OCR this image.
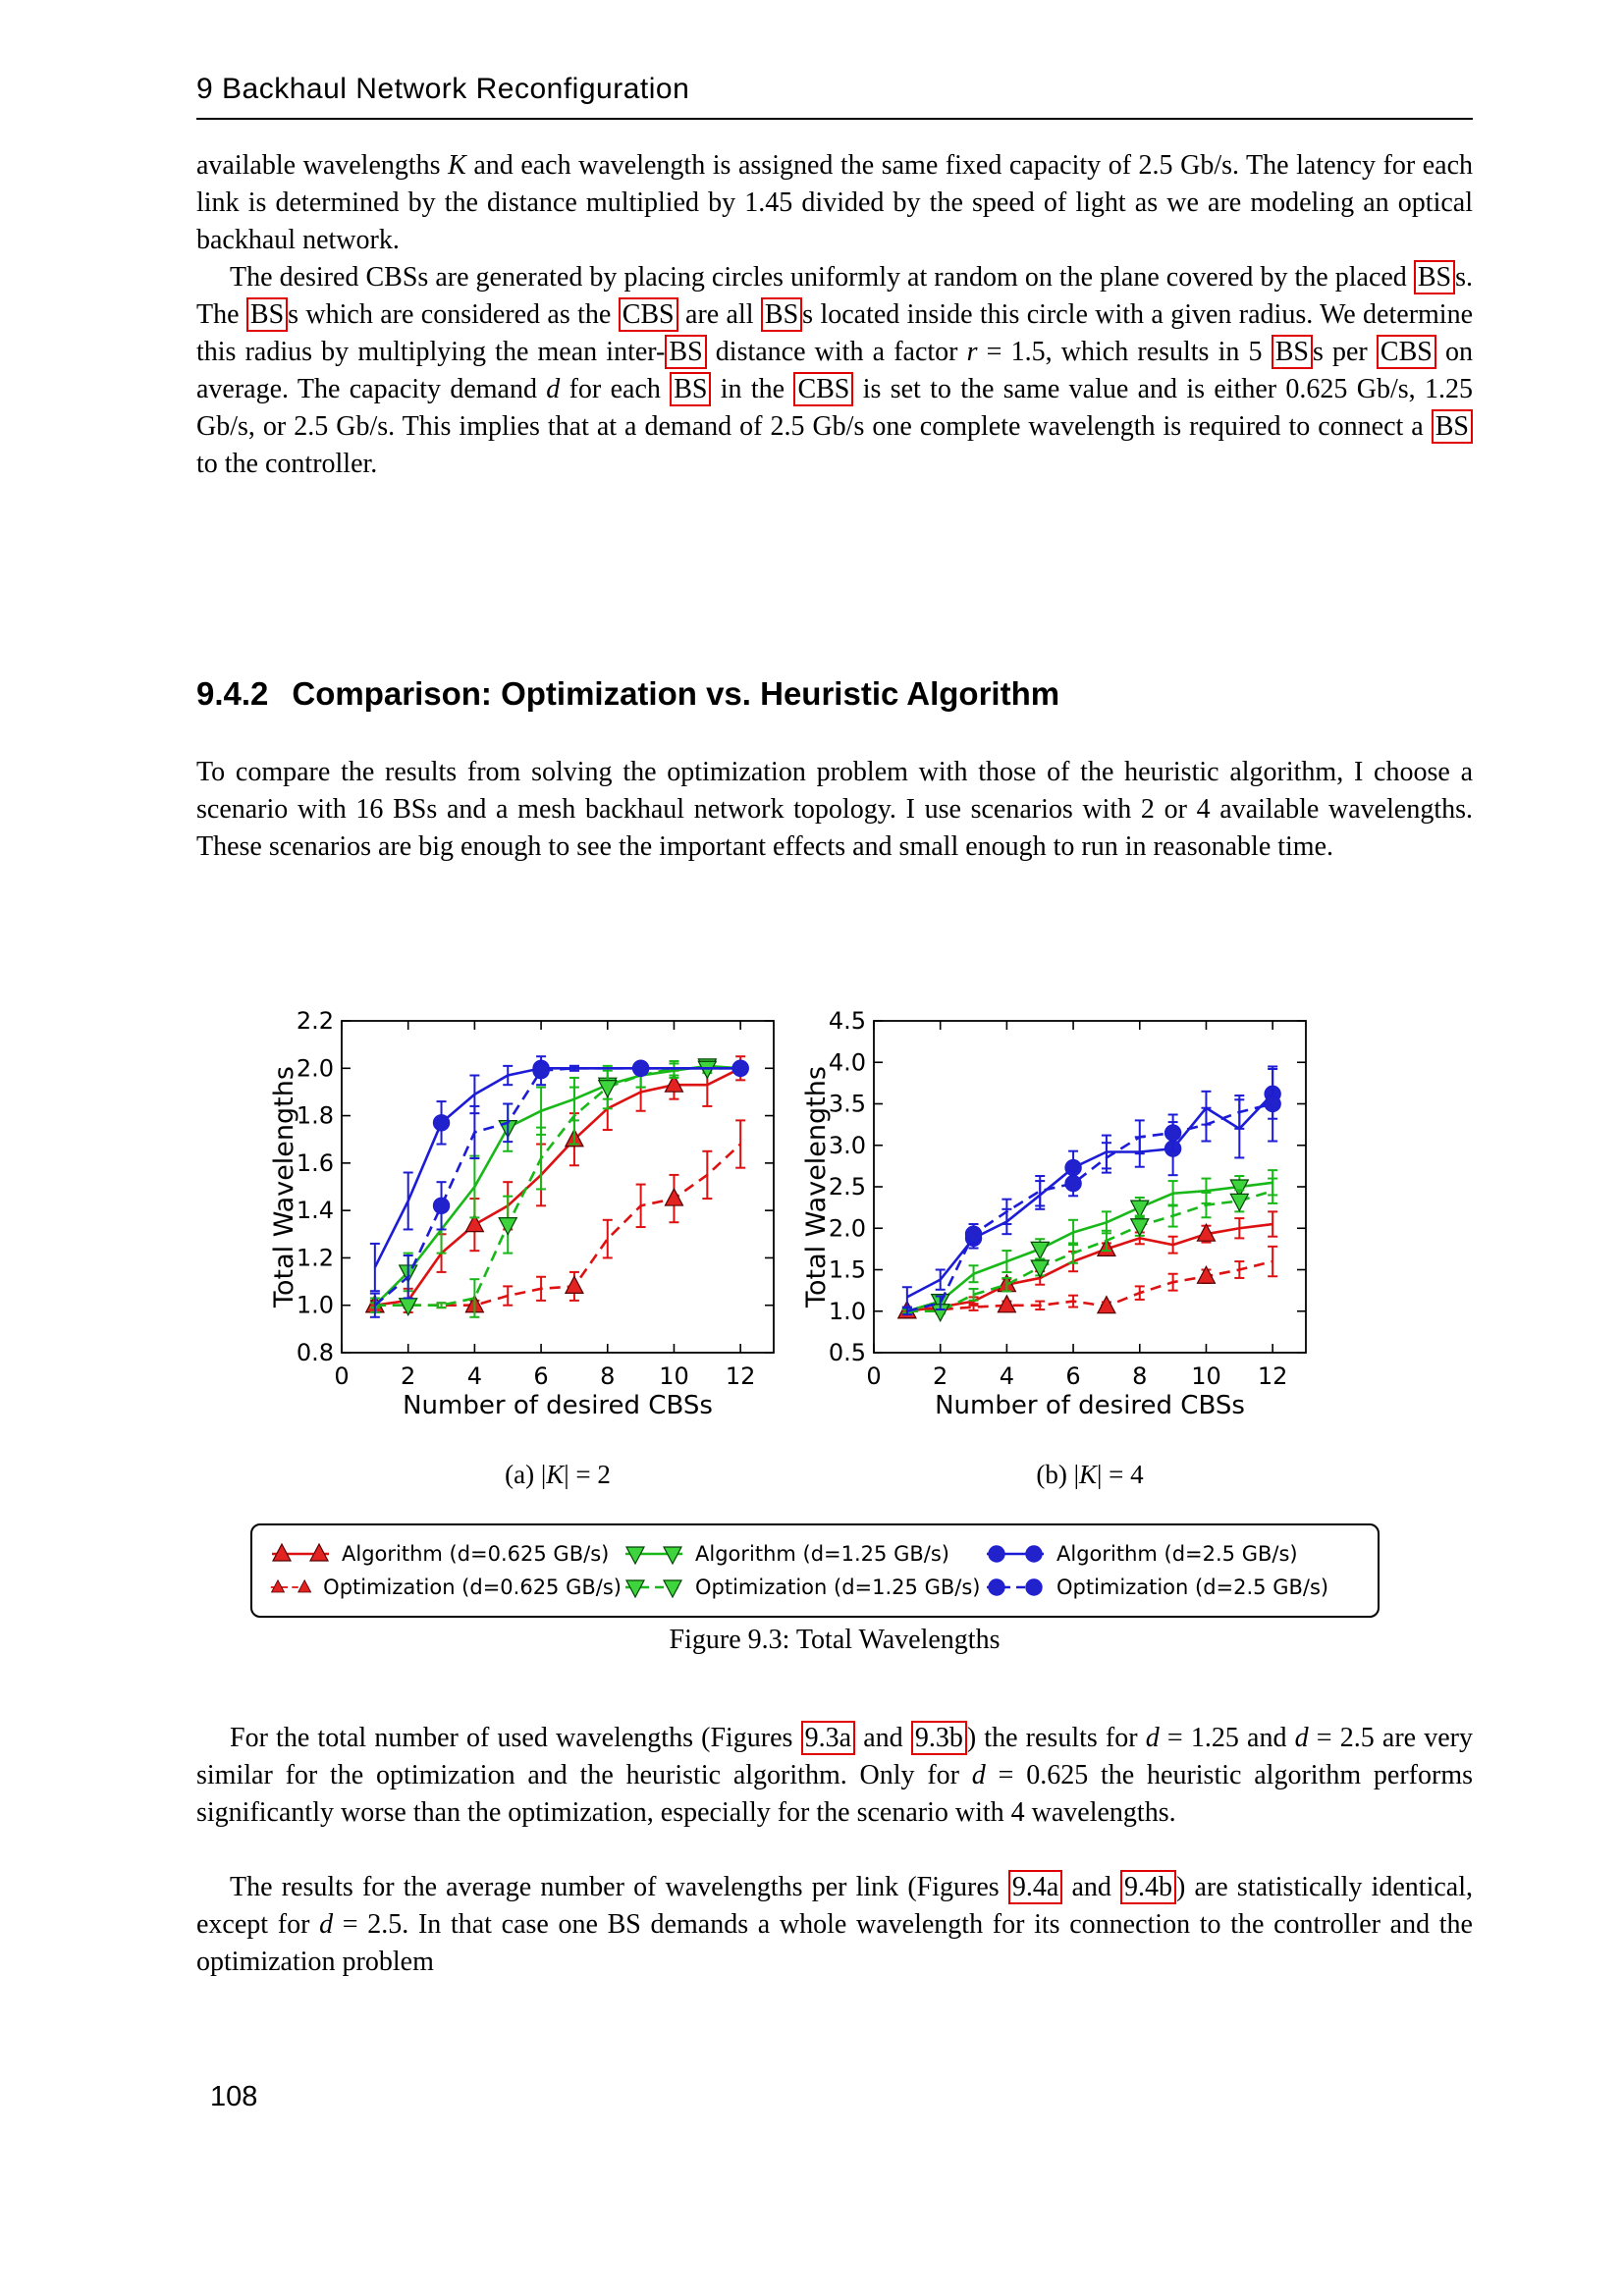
9 Backhaul Network Reconfiguration

available wavelengths K and each wavelength is assigned the same fixed capacity of 2.5 Gb/s. The latency for each link is determined by the distance multiplied by 1.45 divided by the speed of light as we are modeling an optical backhaul network.

The desired CBSs are generated by placing circles uniformly at random on the plane covered by the placed BS s. The BS s which are considered as the CBS are all BS s located inside this circle with a given radius. We determine this radius by multiplying the mean inter- BS distance with a factor r = 1.5, which results in 5 BS s per CBS on average. The capacity demand d for each BS in the CBS is set to the same value and is either 0.625 Gb/s, 1.25 Gb/s, or 2.5 Gb/s. This implies that at a demand of 2.5 Gb/s one complete wavelength is required to connect a BS to the controller.

9.4.2 Comparison: Optimization vs. Heuristic Algorithm

To compare the results from solving the optimization problem with those of the heuristic algorithm, I choose a scenario with 16 BSs and a mesh backhaul network topology. I use scenarios with 2 or 4 available wavelengths. These scenarios are big enough to see the important effects and small enough to run in reasonable time.

0 2 4 6 8 10 12
0.8
1.0
1.2
1.4
1.6
1.8
2.0
2.2
Number of desired CBSs
Total Wavelengths
0 2 4 6 8 10 12
0.5
1.0
1.5
2.0
2.5
3.0
3.5
4.0
4.5
Number of desired CBSs
Total Wavelengths
(a) |K| = 2	(b) |K| = 4
Algorithm (d=0.625 GB/s)	Algorithm (d=1.25 GB/s)	Algorithm (d=2.5 GB/s)
Optimization (d=0.625 GB/s)	Optimization (d=1.25 GB/s)	Optimization (d=2.5 GB/s)
Figure 9.3: Total Wavelengths

For the total number of used wavelengths (Figures 9.3a and 9.3b ) the results for d = 1.25 and d = 2.5 are very similar for the optimization and the heuristic algorithm. Only for d = 0.625 the heuristic algorithm performs significantly worse than the optimization, especially for the scenario with 4 wavelengths.

The results for the average number of wavelengths per link (Figures 9.4a and 9.4b ) are statistically identical, except for d = 2.5. In that case one BS demands a whole wavelength for its connection to the controller and the optimization problem

108
